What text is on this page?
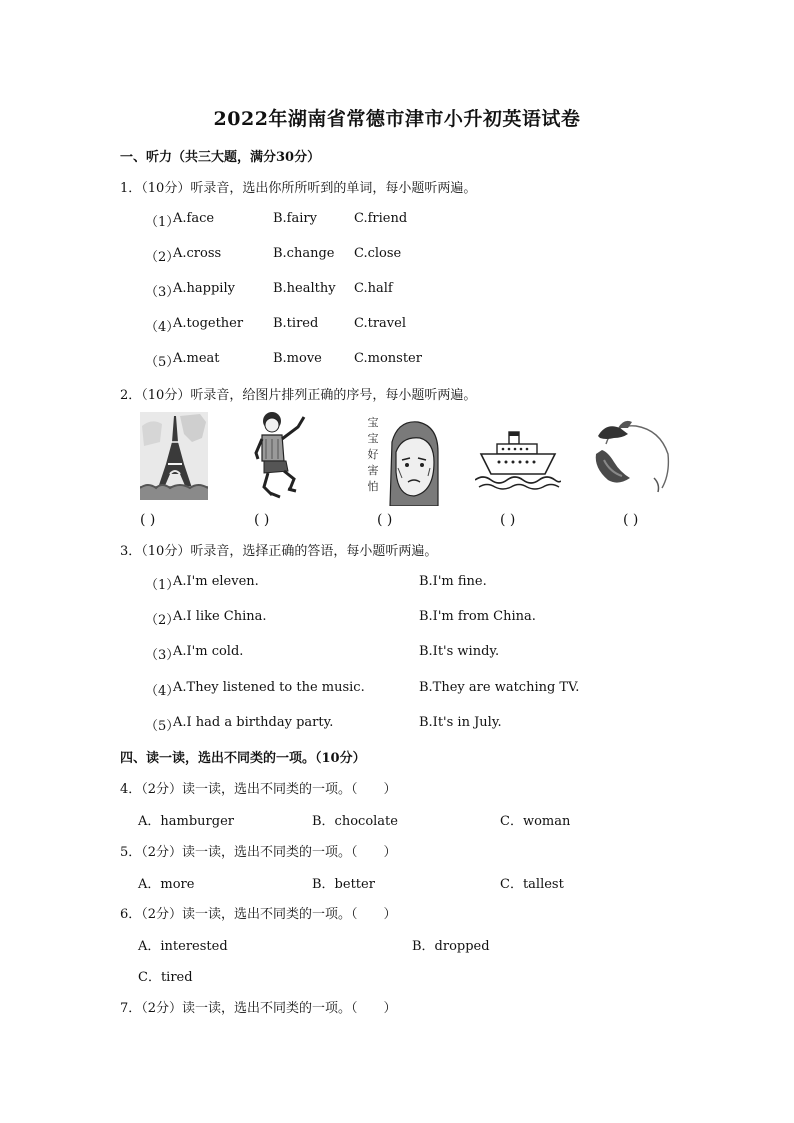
2022年湖南省常德市津市小升初英语试卷
一、听力（共三大题，满分30分）
1．（10分）听录音，选出你所所听到的单词，每小题听两遍。
（1）
A.face	B.fairy	C.friend
（2）
A.cross	B.change C.close
（3）
A.happily	B.healthy C.half
（4）
A.together B.tired	C.travel
（5）
A.meat	B.move C.monster
2．（10分）听录音，给图片排列正确的序号，每小题听两遍。
宝
宝
好
害
怕
( )	( )	( )	( )	( )
3．（10分）听录音，选择正确的答语，每小题听两遍。
（1）
A.I'm eleven.	B.I'm fine.
（2）
A.I like China.	B.I'm from China.
（3）
A.I'm cold.	B.It's windy.
（4）
A.They listened to the music.	B.They are watching TV.
（5）
A.I had a birthday party.	B.It's in July.
四、读一读，选出不同类的一项。（10分）
4．（2分）读一读，选出不同类的一项。（　　）
A．hamburger	B．chocolate	C．woman
5．（2分）读一读，选出不同类的一项。（　　）
A．more	B．better	C．tallest
6．（2分）读一读，选出不同类的一项。（　　）
A．interested	B．dropped
C．tired
7．（2分）读一读，选出不同类的一项。（　　）
